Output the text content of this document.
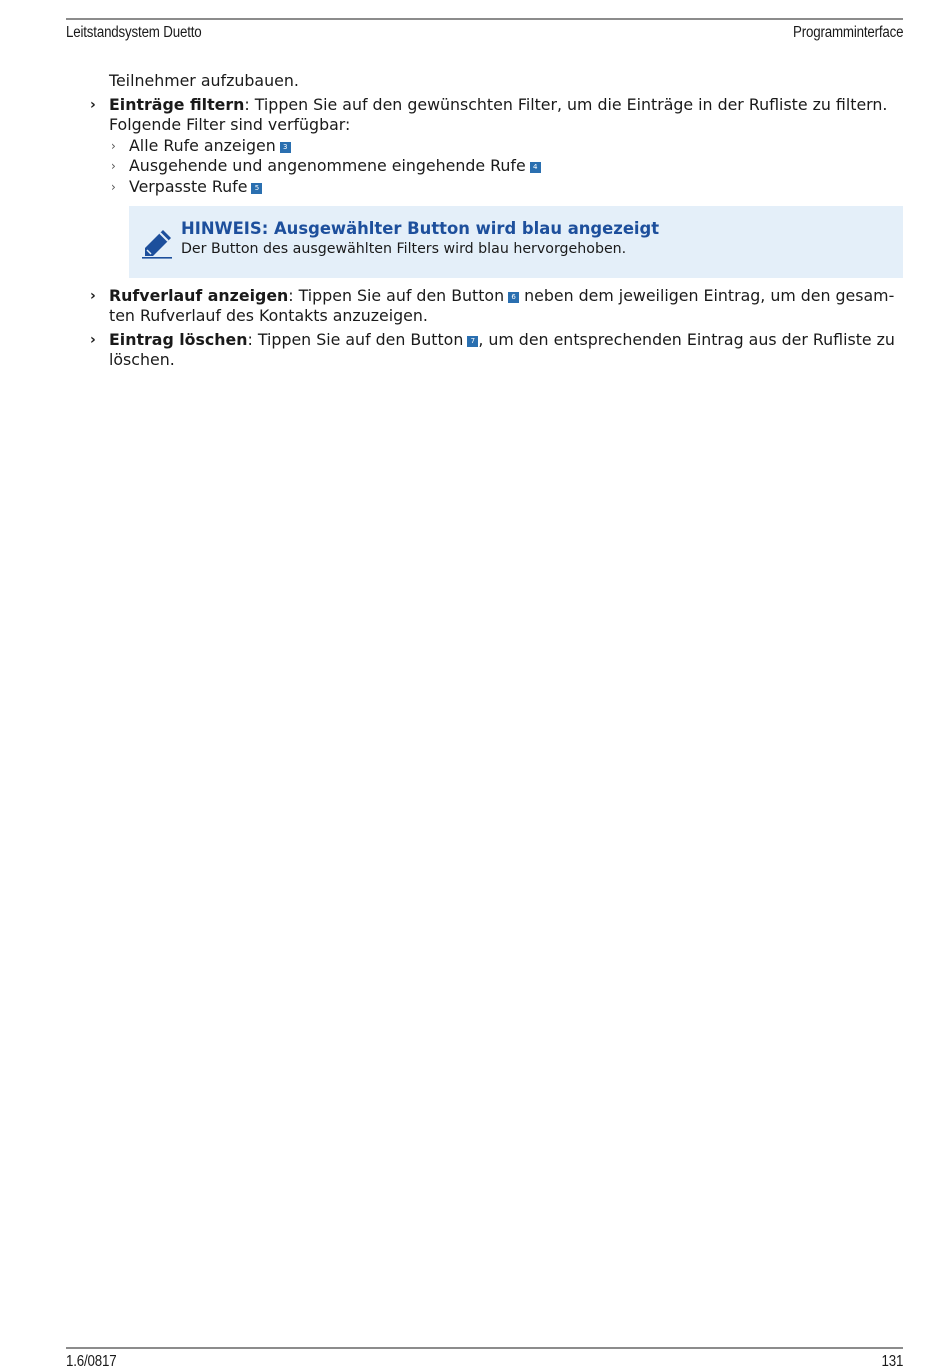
Leitstandsystem Duetto	Programminterface
Teilnehmer aufzubauen.
› Einträge filtern: Tippen Sie auf den gewünschten Filter, um die Einträge in der Rufliste zu filtern.
Folgende Filter sind verfügbar:
› Alle Rufe anzeigen 3
› Ausgehende und angenommene eingehende Rufe 4
› Verpasste Rufe 5
HINWEIS: Ausgewählter Button wird blau angezeigt
Der Button des ausgewählten Filters wird blau hervorgehoben.
› Rufverlauf anzeigen: Tippen Sie auf den Button 6 neben dem jeweiligen Eintrag, um den gesam-
ten Rufverlauf des Kontakts anzuzeigen.
› Eintrag löschen: Tippen Sie auf den Button 7 , um den entsprechenden Eintrag aus der Rufliste zu
löschen.
1.6/0817	131
